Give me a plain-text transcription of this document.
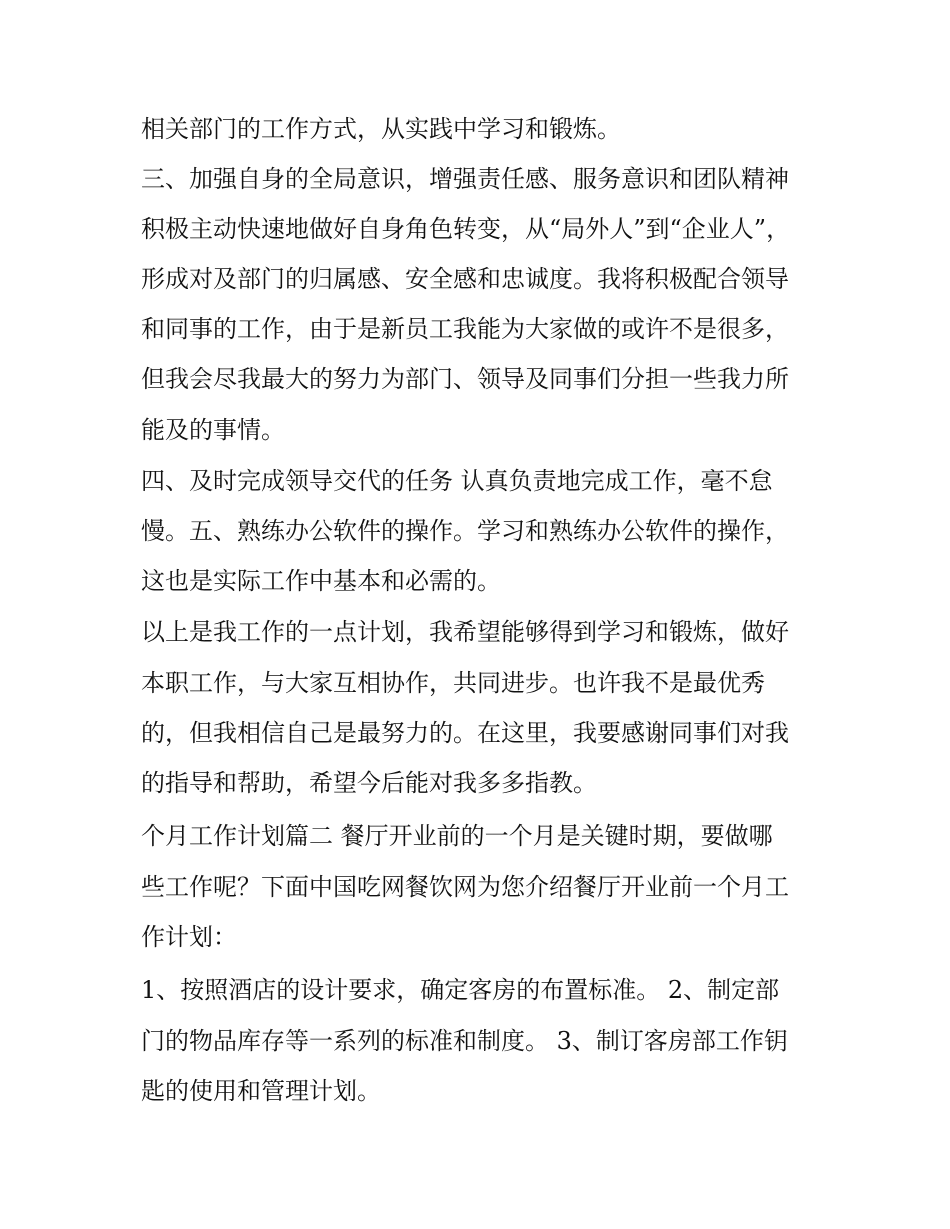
相关部门的工作方式，从实践中学习和锻炼。
三、加强自身的全局意识，增强责任感、服务意识和团队精神
积极主动快速地做好自身角色转变，从“局外人”到“企业人”，
形成对及部门的归属感、安全感和忠诚度。我将积极配合领导
和同事的工作，由于是新员工我能为大家做的或许不是很多，
但我会尽我最大的努力为部门、领导及同事们分担一些我力所
能及的事情。
四、及时完成领导交代的任务 认真负责地完成工作，毫不怠
慢。五、熟练办公软件的操作。学习和熟练办公软件的操作，
这也是实际工作中基本和必需的。
以上是我工作的一点计划，我希望能够得到学习和锻炼，做好
本职工作，与大家互相协作，共同进步。也许我不是最优秀
的，但我相信自己是最努力的。在这里，我要感谢同事们对我
的指导和帮助，希望今后能对我多多指教。
个月工作计划篇二 餐厅开业前的一个月是关键时期，要做哪
些工作呢？下面中国吃网餐饮网为您介绍餐厅开业前一个月工
作计划：
1、按照酒店的设计要求，确定客房的布置标准。 2、制定部
门的物品库存等一系列的标准和制度。 3、制订客房部工作钥
匙的使用和管理计划。
